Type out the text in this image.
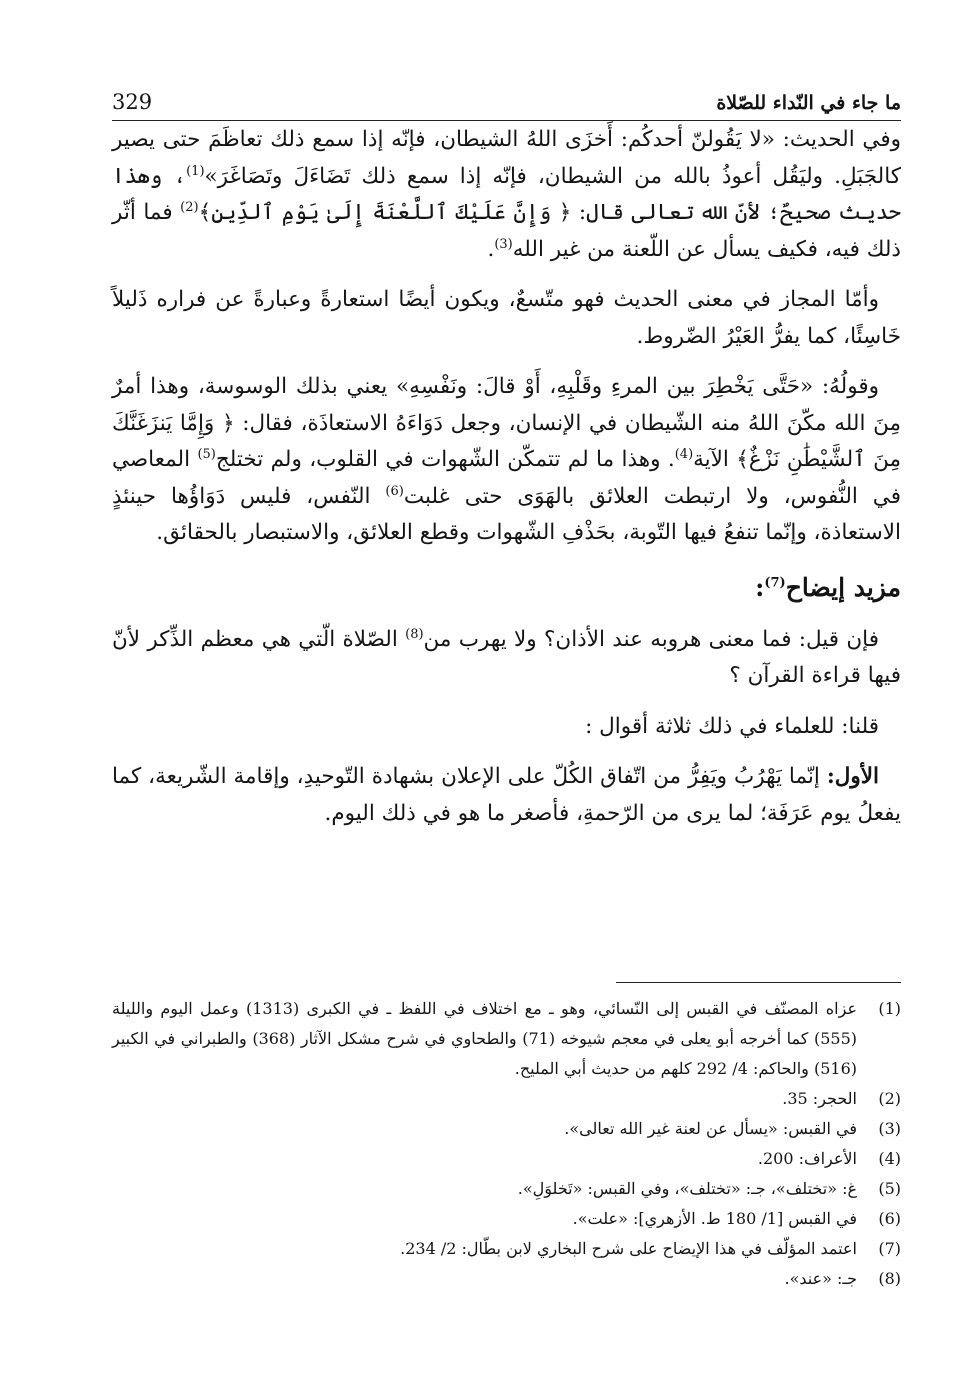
329	ما جاء في النّداء للصّلاة

وفي الحديث: «لا يَقُولنّ أحدكُم: أَخزَى اللهُ الشيطان، فإنّه إذا سمع ذلك تعاظَمَ حتى يصير كالجَبَلِ. وليَقُل أعوذُ بالله من الشيطان، فإنّه إذا سمع ذلك تَضَاءَلَ وتَصَاغَرَ»$^{(1)}$، وهذا حديث صحيحٌ؛ لأنّ الله تعالى قال: ﴿ وَإِنَّ عَلَيْكَ ٱللَّعْنَةَ إِلَىٰ يَوْمِ ٱلدِّينِ﴾$^{(2)}$ فما أثّر ذلك فيه، فكيف يسأل عن اللّعنة من غير الله$^{(3)}$.

وأمّا المجاز في معنى الحديث فهو متّسعٌ، ويكون أيضًا استعارةً وعبارةً عن فراره ذَليلاً خَاسِئًا، كما يفرُّ العَيْرُ الضّروط.

وقولُهُ: «حَتَّى يَخْطِرَ بين المرءِ وقَلْبِهِ، أَوْ قالَ: ونَفْسِهِ» يعني بذلك الوسوسة، وهذا أمرٌ مِنَ الله مكّنَ اللهُ منه الشّيطان في الإنسان، وجعل دَوَاءَهُ الاستعاذَة، فقال: ﴿ وَإِمَّا يَنزَغَنَّكَ مِنَ ٱلشَّيْطَٰنِ نَزْغٌ﴾ الآية$^{(4)}$. وهذا ما لم تتمكّن الشّهوات في القلوب، ولم تختلج$^{(5)}$ المعاصي في النُّفوس، ولا ارتبطت العلائق بالهَوَى حتى غلبت$^{(6)}$ النّفس، فليس دَوَاؤُها حينئذٍ الاستعاذة، وإنّما تنفعُ فيها التّوبة، بحَذْفِ الشّهوات وقطع العلائق، والاستبصار بالحقائق.

مزيد إيضاح$^{(7)}$:

فإن قيل: فما معنى هروبه عند الأذان؟ ولا يهرب من$^{(8)}$ الصّلاة الّتي هي معظم الذِّكر لأنّ فيها قراءة القرآن ؟

قلنا: للعلماء في ذلك ثلاثة أقوال :

الأول: إنّما يَهْرُبُ ويَفِرُّ من اتّفاق الكُلّ على الإعلان بشهادة التّوحيدِ، وإقامة الشّريعة، كما يفعلُ يوم عَرَفَة؛ لما يرى من الرّحمةِ، فأصغر ما هو في ذلك اليوم.

(1)
عزاه المصنّف في القبس إلى النّسائي، وهو ـ مع اختلاف في اللفظ ـ في الكبرى (1313) وعمل اليوم والليلة (555) كما أخرجه أبو يعلى في معجم شيوخه (71) والطحاوي في شرح مشكل الآثار (368) والطبراني في الكبير (516) والحاكم: 4/ 292 كلهم من حديث أبي المليح.
(2)
الحجر: 35.
(3)
في القبس: «يسأل عن لعنة غير الله تعالى».
(4)
الأعراف: 200.
(5)
غ: «تختلف»، جـ: «تختلف»، وفي القبس: «تَخلوَلِ».
(6)
في القبس [1/ 180 ط. الأزهري]: «علت».
(7)
اعتمد المؤلّف في هذا الإيضاح على شرح البخاري لابن بطّال: 2/ 234.
(8)
جـ: «عند».
